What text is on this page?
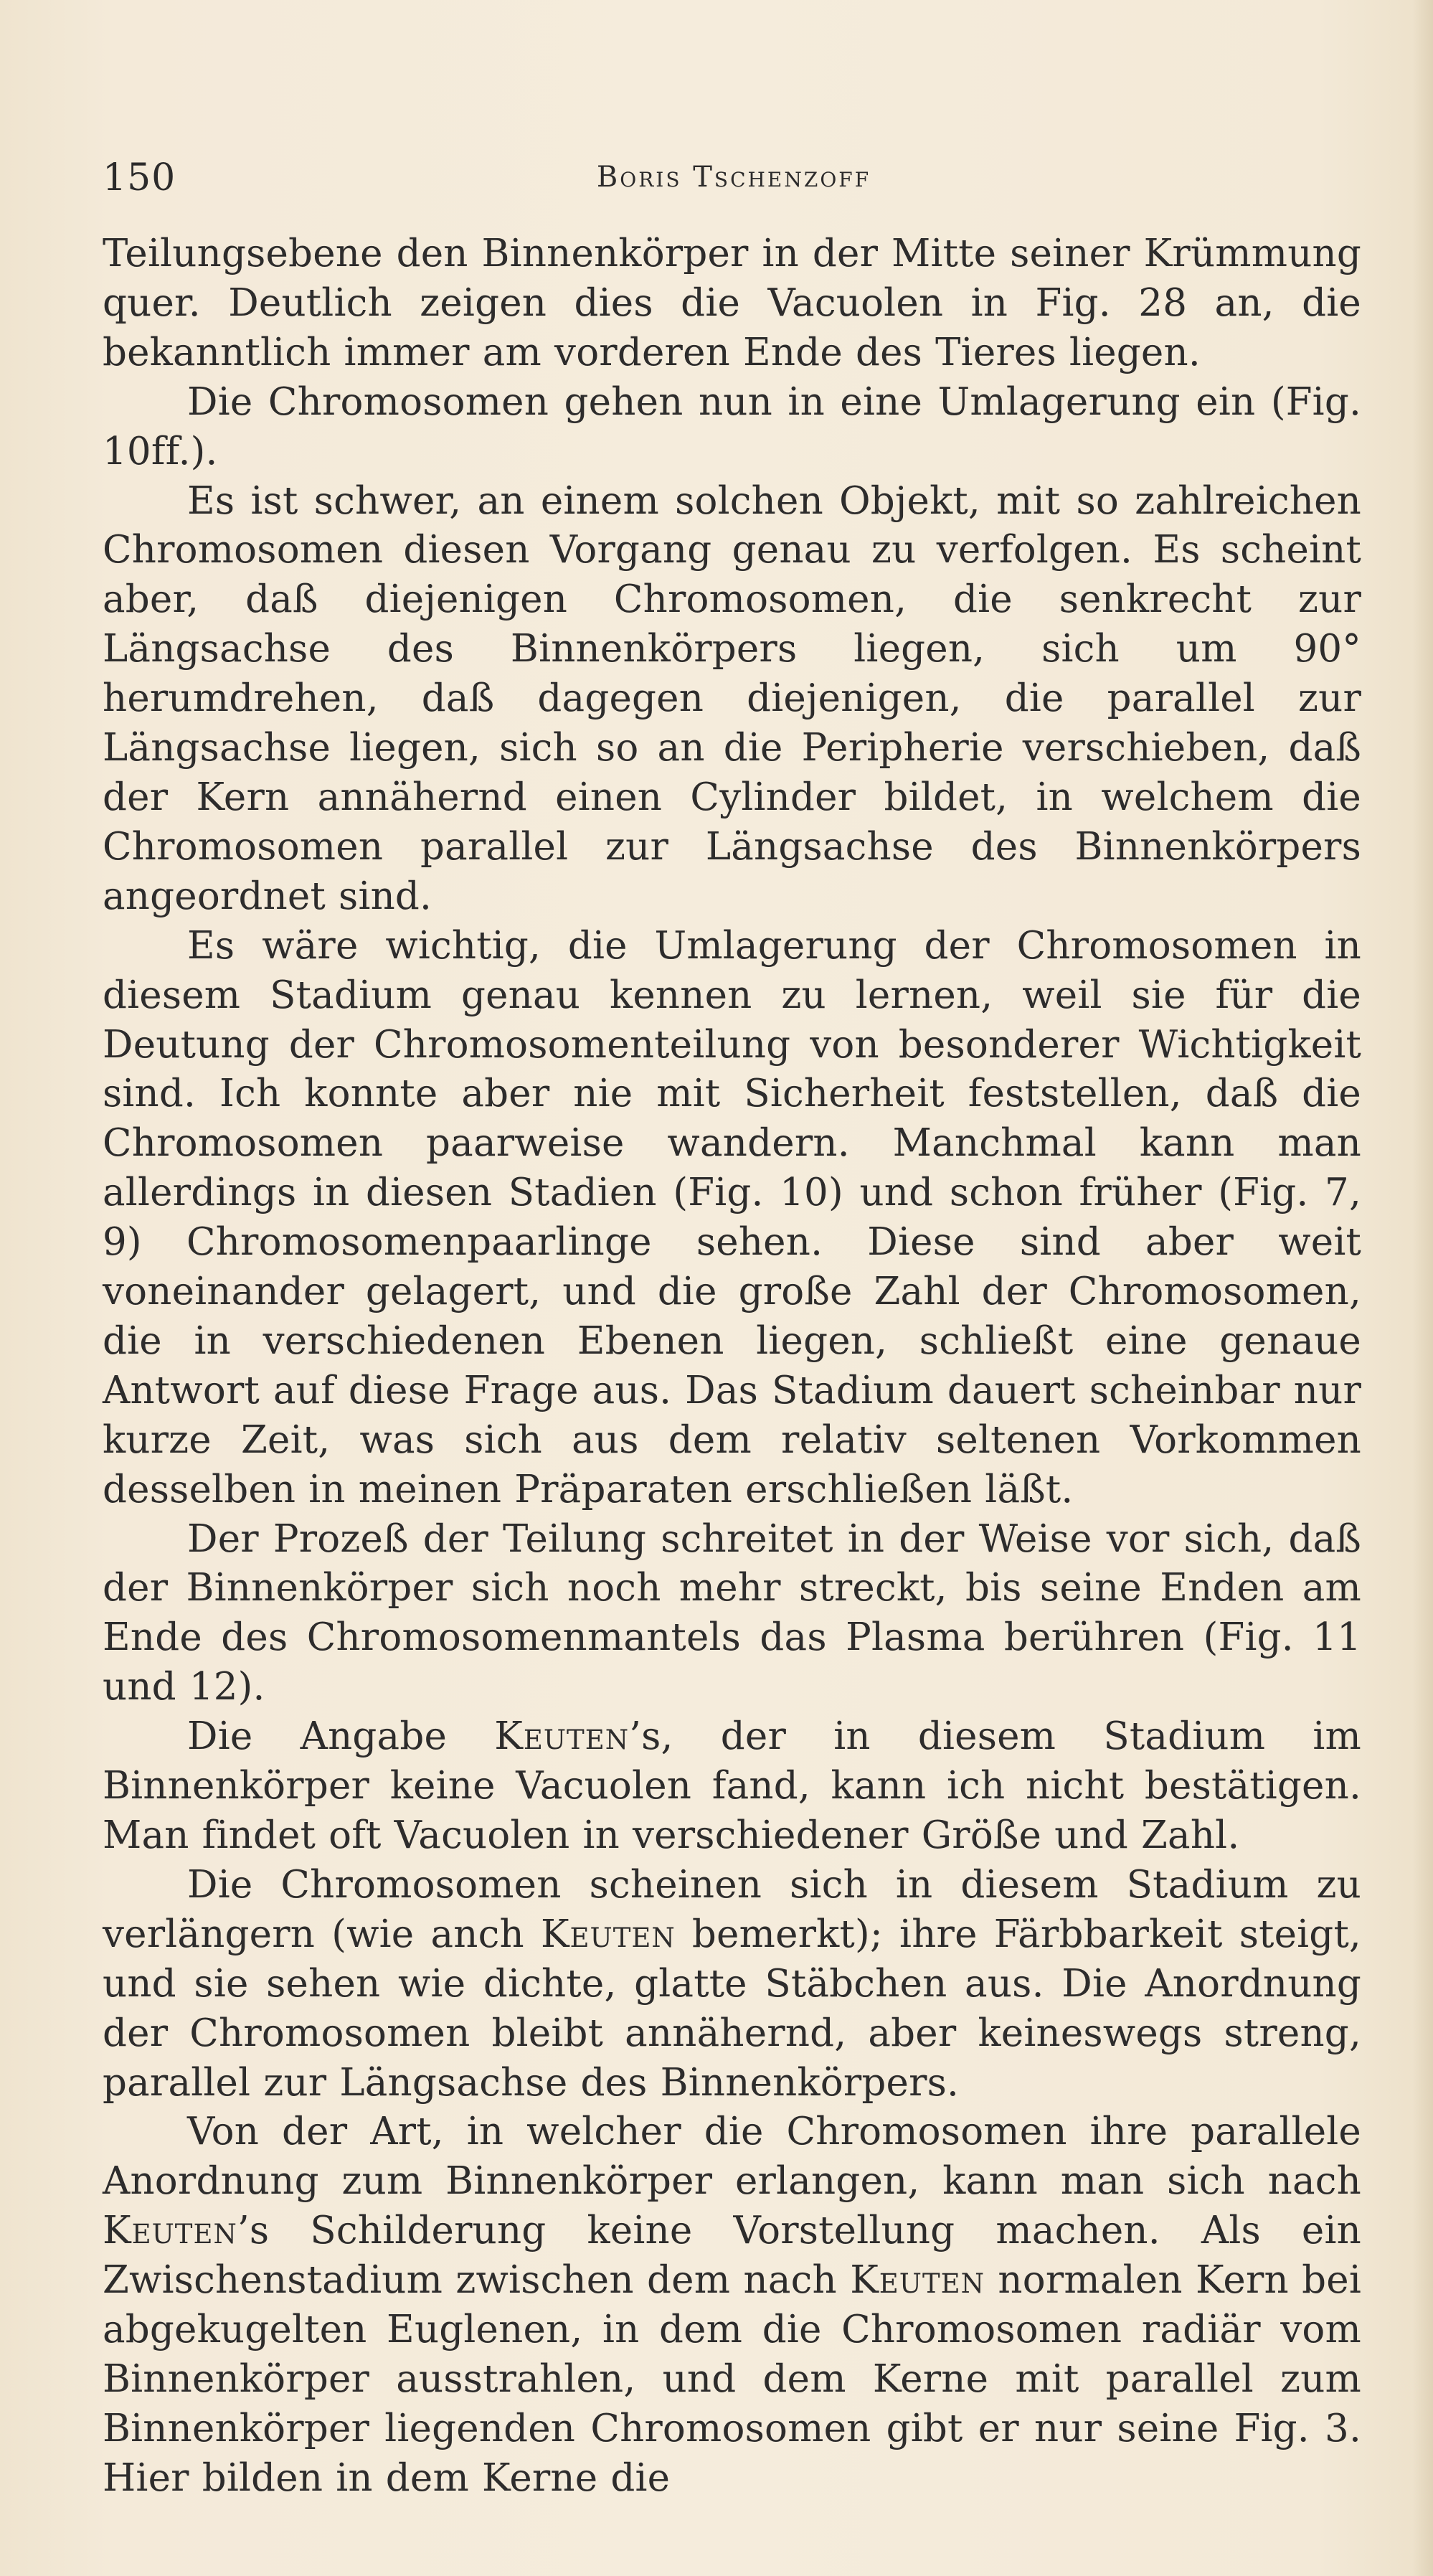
150	Boris Tschenzoff

Teilungsebene den Binnenkörper in der Mitte seiner Krümmung quer. Deutlich zeigen dies die Vacuolen in Fig. 28 an, die bekanntlich immer am vorderen Ende des Tieres liegen.

Die Chromosomen gehen nun in eine Umlagerung ein (Fig. 10ff.).

Es ist schwer, an einem solchen Objekt, mit so zahlreichen Chromosomen diesen Vorgang genau zu verfolgen. Es scheint aber, daß diejenigen Chromosomen, die senkrecht zur Längsachse des Binnenkörpers liegen, sich um 90° herumdrehen, daß dagegen diejenigen, die parallel zur Längsachse liegen, sich so an die Peripherie verschieben, daß der Kern annähernd einen Cylinder bildet, in welchem die Chromosomen parallel zur Längsachse des Binnenkörpers angeordnet sind.

Es wäre wichtig, die Umlagerung der Chromosomen in diesem Stadium genau kennen zu lernen, weil sie für die Deutung der Chromosomenteilung von besonderer Wichtigkeit sind. Ich konnte aber nie mit Sicherheit feststellen, daß die Chromosomen paarweise wandern. Manchmal kann man allerdings in diesen Stadien (Fig. 10) und schon früher (Fig. 7, 9) Chromosomenpaarlinge sehen. Diese sind aber weit voneinander gelagert, und die große Zahl der Chromosomen, die in verschiedenen Ebenen liegen, schließt eine genaue Antwort auf diese Frage aus. Das Stadium dauert scheinbar nur kurze Zeit, was sich aus dem relativ seltenen Vorkommen desselben in meinen Präparaten erschließen läßt.

Der Prozeß der Teilung schreitet in der Weise vor sich, daß der Binnenkörper sich noch mehr streckt, bis seine Enden am Ende des Chromosomenmantels das Plasma berühren (Fig. 11 und 12).

Die Angabe Keuten’s, der in diesem Stadium im Binnenkörper keine Vacuolen fand, kann ich nicht bestätigen. Man findet oft Vacuolen in verschiedener Größe und Zahl.

Die Chromosomen scheinen sich in diesem Stadium zu verlängern (wie anch Keuten bemerkt); ihre Färbbarkeit steigt, und sie sehen wie dichte, glatte Stäbchen aus. Die Anordnung der Chromosomen bleibt annähernd, aber keineswegs streng, parallel zur Längsachse des Binnenkörpers.

Von der Art, in welcher die Chromosomen ihre parallele Anordnung zum Binnenkörper erlangen, kann man sich nach Keuten’s Schilderung keine Vorstellung machen. Als ein Zwischenstadium zwischen dem nach Keuten normalen Kern bei abgekugelten Euglenen, in dem die Chromosomen radiär vom Binnenkörper ausstrahlen, und dem Kerne mit parallel zum Binnenkörper liegenden Chromosomen gibt er nur seine Fig. 3. Hier bilden in dem Kerne die
